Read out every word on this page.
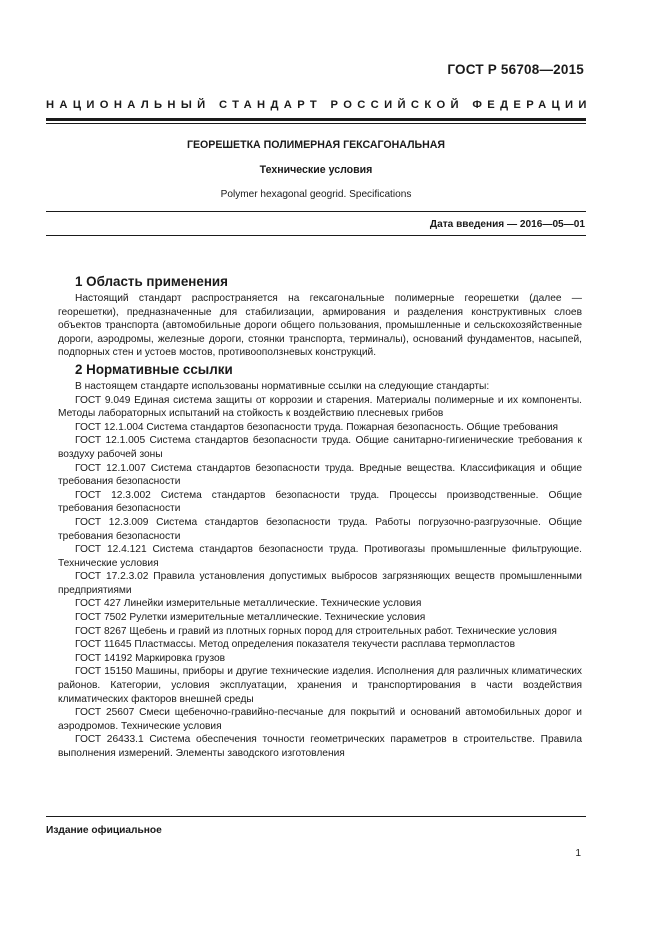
ГОСТ Р 56708—2015
НАЦИОНАЛЬНЫЙ СТАНДАРТ РОССИЙСКОЙ ФЕДЕРАЦИИ
ГЕОРЕШЕТКА ПОЛИМЕРНАЯ ГЕКСАГОНАЛЬНАЯ
Технические условия
Polymer hexagonal geogrid. Specifications
Дата введения — 2016—05—01
1 Область применения

Настоящий стандарт распространяется на гексагональные полимерные георешетки (далее — георешетки), предназначенные для стабилизации, армирования и разделения конструктивных слоев объектов транспорта (автомобильные дороги общего пользования, промышленные и сельскохозяйственные дороги, аэродромы, железные дороги, стоянки транспорта, терминалы), оснований фундаментов, насыпей, подпорных стен и устоев мостов, противооползневых конструкций.

2 Нормативные ссылки

В настоящем стандарте использованы нормативные ссылки на следующие стандарты:

ГОСТ 9.049 Единая система защиты от коррозии и старения. Материалы полимерные и их компоненты. Методы лабораторных испытаний на стойкость к воздействию плесневых грибов

ГОСТ 12.1.004 Система стандартов безопасности труда. Пожарная безопасность. Общие требования

ГОСТ 12.1.005 Система стандартов безопасности труда. Общие санитарно-гигиенические требования к воздуху рабочей зоны

ГОСТ 12.1.007 Система стандартов безопасности труда. Вредные вещества. Классификация и общие требования безопасности

ГОСТ 12.3.002 Система стандартов безопасности труда. Процессы производственные. Общие требования безопасности

ГОСТ 12.3.009 Система стандартов безопасности труда. Работы погрузочно-разгрузочные. Общие требования безопасности

ГОСТ 12.4.121 Система стандартов безопасности труда. Противогазы промышленные фильтрующие. Технические условия

ГОСТ 17.2.3.02 Правила установления допустимых выбросов загрязняющих веществ промышленными предприятиями

ГОСТ 427 Линейки измерительные металлические. Технические условия

ГОСТ 7502 Рулетки измерительные металлические. Технические условия

ГОСТ 8267 Щебень и гравий из плотных горных пород для строительных работ. Технические условия

ГОСТ 11645 Пластмассы. Метод определения показателя текучести расплава термопластов

ГОСТ 14192 Маркировка грузов

ГОСТ 15150 Машины, приборы и другие технические изделия. Исполнения для различных климатических районов. Категории, условия эксплуатации, хранения и транспортирования в части воздействия климатических факторов внешней среды

ГОСТ 25607 Смеси щебеночно-гравийно-песчаные для покрытий и оснований автомобильных дорог и аэродромов. Технические условия

ГОСТ 26433.1 Система обеспечения точности геометрических параметров в строительстве. Правила выполнения измерений. Элементы заводского изготовления

Издание официальное
1
